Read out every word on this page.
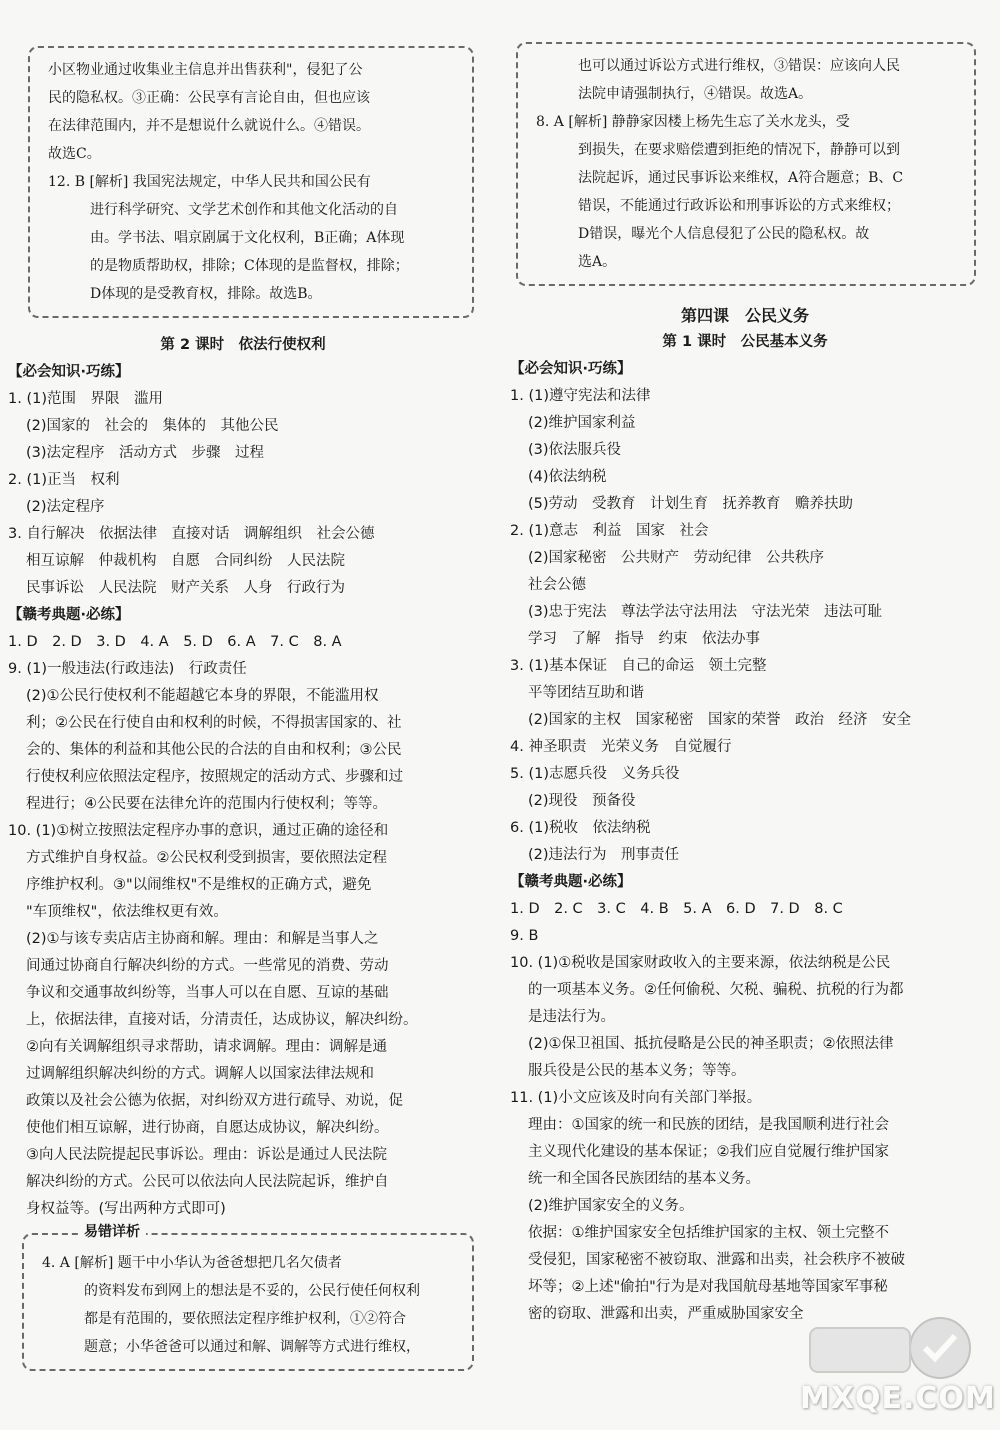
小区物业通过收集业主信息并出售获利"，侵犯了公

民的隐私权。③正确：公民享有言论自由，但也应该

在法律范围内，并不是想说什么就说什么。④错误。

故选C。

12. B [解析] 我国宪法规定，中华人民共和国公民有

进行科学研究、文学艺术创作和其他文化活动的自

由。学书法、唱京剧属于文化权利，B正确；A体现

的是物质帮助权，排除；C体现的是监督权，排除；

D体现的是受教育权，排除。故选B。

第 2 课时　依法行使权利
【必会知识·巧练】
1. (1)范围　界限　滥用
(2)国家的　社会的　集体的　其他公民
(3)法定程序　活动方式　步骤　过程
2. (1)正当　权利
(2)法定程序
3. 自行解决　依据法律　直接对话　调解组织　社会公德
相互谅解　仲裁机构　自愿　合同纠纷　人民法院
民事诉讼　人民法院　财产关系　人身　行政行为
【赣考典题·必练】
1. D　2. D　3. D　4. A　5. D　6. A　7. C　8. A
9. (1)一般违法(行政违法)　行政责任
(2)①公民行使权利不能超越它本身的界限，不能滥用权
利；②公民在行使自由和权利的时候，不得损害国家的、社
会的、集体的利益和其他公民的合法的自由和权利；③公民
行使权利应依照法定程序，按照规定的活动方式、步骤和过
程进行；④公民要在法律允许的范围内行使权利；等等。
10. (1)①树立按照法定程序办事的意识，通过正确的途径和
方式维护自身权益。②公民权利受到损害，要依照法定程
序维护权利。③"以闹维权"不是维权的正确方式，避免
"车顶维权"，依法维权更有效。
(2)①与该专卖店店主协商和解。理由：和解是当事人之
间通过协商自行解决纠纷的方式。一些常见的消费、劳动
争议和交通事故纠纷等，当事人可以在自愿、互谅的基础
上，依据法律，直接对话，分清责任，达成协议，解决纠纷。
②向有关调解组织寻求帮助，请求调解。理由：调解是通
过调解组织解决纠纷的方式。调解人以国家法律法规和
政策以及社会公德为依据，对纠纷双方进行疏导、劝说，促
使他们相互谅解，进行协商，自愿达成协议，解决纠纷。
③向人民法院提起民事诉讼。理由：诉讼是通过人民法院
解决纠纷的方式。公民可以依法向人民法院起诉，维护自
身权益等。(写出两种方式即可)
易错详析

4. A [解析] 题干中小华认为爸爸想把几名欠债者

的资料发布到网上的想法是不妥的，公民行使任何权利

都是有范围的，要依照法定程序维护权利，①②符合

题意；小华爸爸可以通过和解、调解等方式进行维权，

也可以通过诉讼方式进行维权，③错误：应该向人民

法院申请强制执行，④错误。故选A。

8. A [解析] 静静家因楼上杨先生忘了关水龙头，受

到损失，在要求赔偿遭到拒绝的情况下，静静可以到

法院起诉，通过民事诉讼来维权，A符合题意；B、C

错误，不能通过行政诉讼和刑事诉讼的方式来维权；

D错误，曝光个人信息侵犯了公民的隐私权。故

选A。

第四课　公民义务
第 1 课时　公民基本义务
【必会知识·巧练】
1. (1)遵守宪法和法律
(2)维护国家利益
(3)依法服兵役
(4)依法纳税
(5)劳动　受教育　计划生育　抚养教育　赡养扶助
2. (1)意志　利益　国家　社会
(2)国家秘密　公共财产　劳动纪律　公共秩序
社会公德
(3)忠于宪法　尊法学法守法用法　守法光荣　违法可耻
学习　了解　指导　约束　依法办事
3. (1)基本保证　自己的命运　领土完整
平等团结互助和谐
(2)国家的主权　国家秘密　国家的荣誉　政治　经济　安全
4. 神圣职责　光荣义务　自觉履行
5. (1)志愿兵役　义务兵役
(2)现役　预备役
6. (1)税收　依法纳税
(2)违法行为　刑事责任
【赣考典题·必练】
1. D　2. C　3. C　4. B　5. A　6. D　7. D　8. C
9. B
10. (1)①税收是国家财政收入的主要来源，依法纳税是公民
的一项基本义务。②任何偷税、欠税、骗税、抗税的行为都
是违法行为。
(2)①保卫祖国、抵抗侵略是公民的神圣职责；②依照法律
服兵役是公民的基本义务；等等。
11. (1)小文应该及时向有关部门举报。
理由：①国家的统一和民族的团结，是我国顺利进行社会
主义现代化建设的基本保证；②我们应自觉履行维护国家
统一和全国各民族团结的基本义务。
(2)维护国家安全的义务。
依据：①维护国家安全包括维护国家的主权、领土完整不
受侵犯，国家秘密不被窃取、泄露和出卖，社会秩序不被破
坏等；②上述"偷拍"行为是对我国航母基地等国家军事秘
密的窃取、泄露和出卖，严重威胁国家安全
MXQE.COM
